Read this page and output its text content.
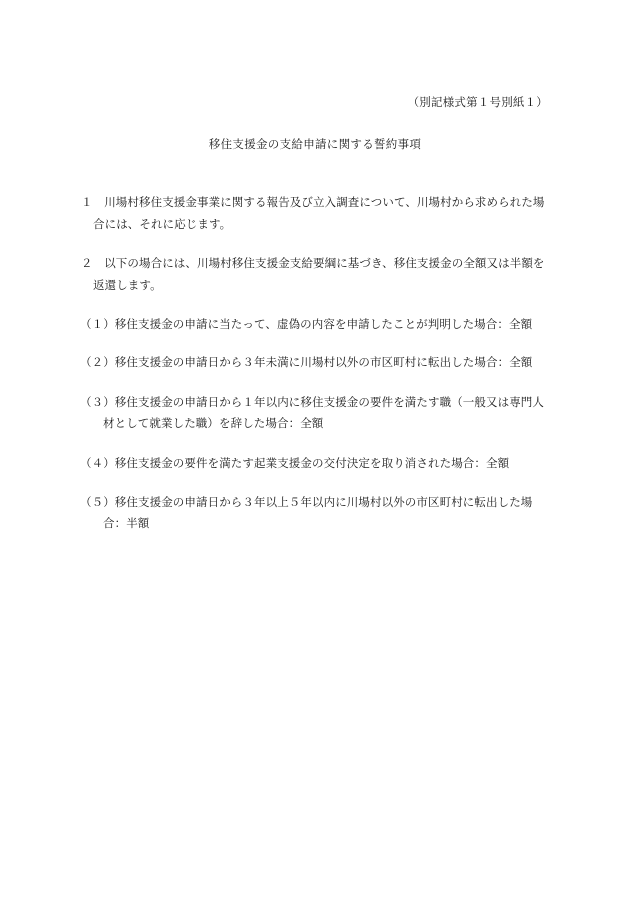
（別記様式第１号別紙１）
移住支援金の支給申請に関する誓約事項
１　川場村移住支援金事業に関する報告及び立入調査について、川場村から求められた場
合には、それに応じます。
２　以下の場合には、川場村移住支援金支給要綱に基づき、移住支援金の全額又は半額を
返還します。
（１）移住支援金の申請に当たって、虚偽の内容を申請したことが判明した場合：全額
（２）移住支援金の申請日から３年未満に川場村以外の市区町村に転出した場合：全額
（３）移住支援金の申請日から１年以内に移住支援金の要件を満たす職（一般又は専門人
材として就業した職）を辞した場合：全額
（４）移住支援金の要件を満たす起業支援金の交付決定を取り消された場合：全額
（５）移住支援金の申請日から３年以上５年以内に川場村以外の市区町村に転出した場
合：半額
